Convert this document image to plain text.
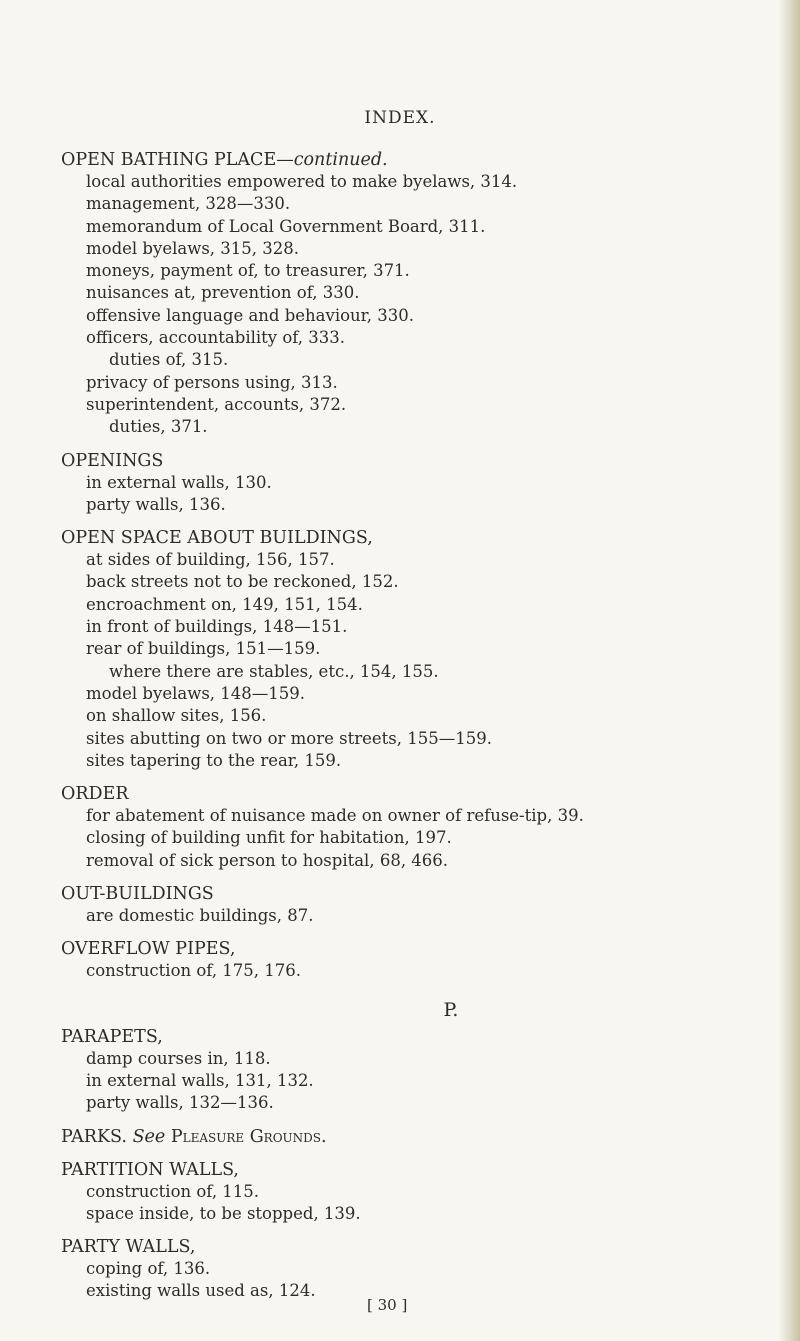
INDEX.
OPEN BATHING PLACE—continued.
local authorities empowered to make byelaws, 314.
management, 328—330.
memorandum of Local Government Board, 311.
model byelaws, 315, 328.
moneys, payment of, to treasurer, 371.
nuisances at, prevention of, 330.
offensive language and behaviour, 330.
officers, accountability of, 333.
duties of, 315.
privacy of persons using, 313.
superintendent, accounts, 372.
duties, 371.
OPENINGS
in external walls, 130.
party walls, 136.
OPEN SPACE ABOUT BUILDINGS,
at sides of building, 156, 157.
back streets not to be reckoned, 152.
encroachment on, 149, 151, 154.
in front of buildings, 148—151.
rear of buildings, 151—159.
where there are stables, etc., 154, 155.
model byelaws, 148—159.
on shallow sites, 156.
sites abutting on two or more streets, 155—159.
sites tapering to the rear, 159.
ORDER
for abatement of nuisance made on owner of refuse-tip, 39.
closing of building unfit for habitation, 197.
removal of sick person to hospital, 68, 466.
OUT-BUILDINGS
are domestic buildings, 87.
OVERFLOW PIPES,
construction of, 175, 176.
P.
PARAPETS,
damp courses in, 118.
in external walls, 131, 132.
party walls, 132—136.
PARKS. See Pleasure Grounds.
PARTITION WALLS,
construction of, 115.
space inside, to be stopped, 139.
PARTY WALLS,
coping of, 136.
existing walls used as, 124.
[ 30 ]
